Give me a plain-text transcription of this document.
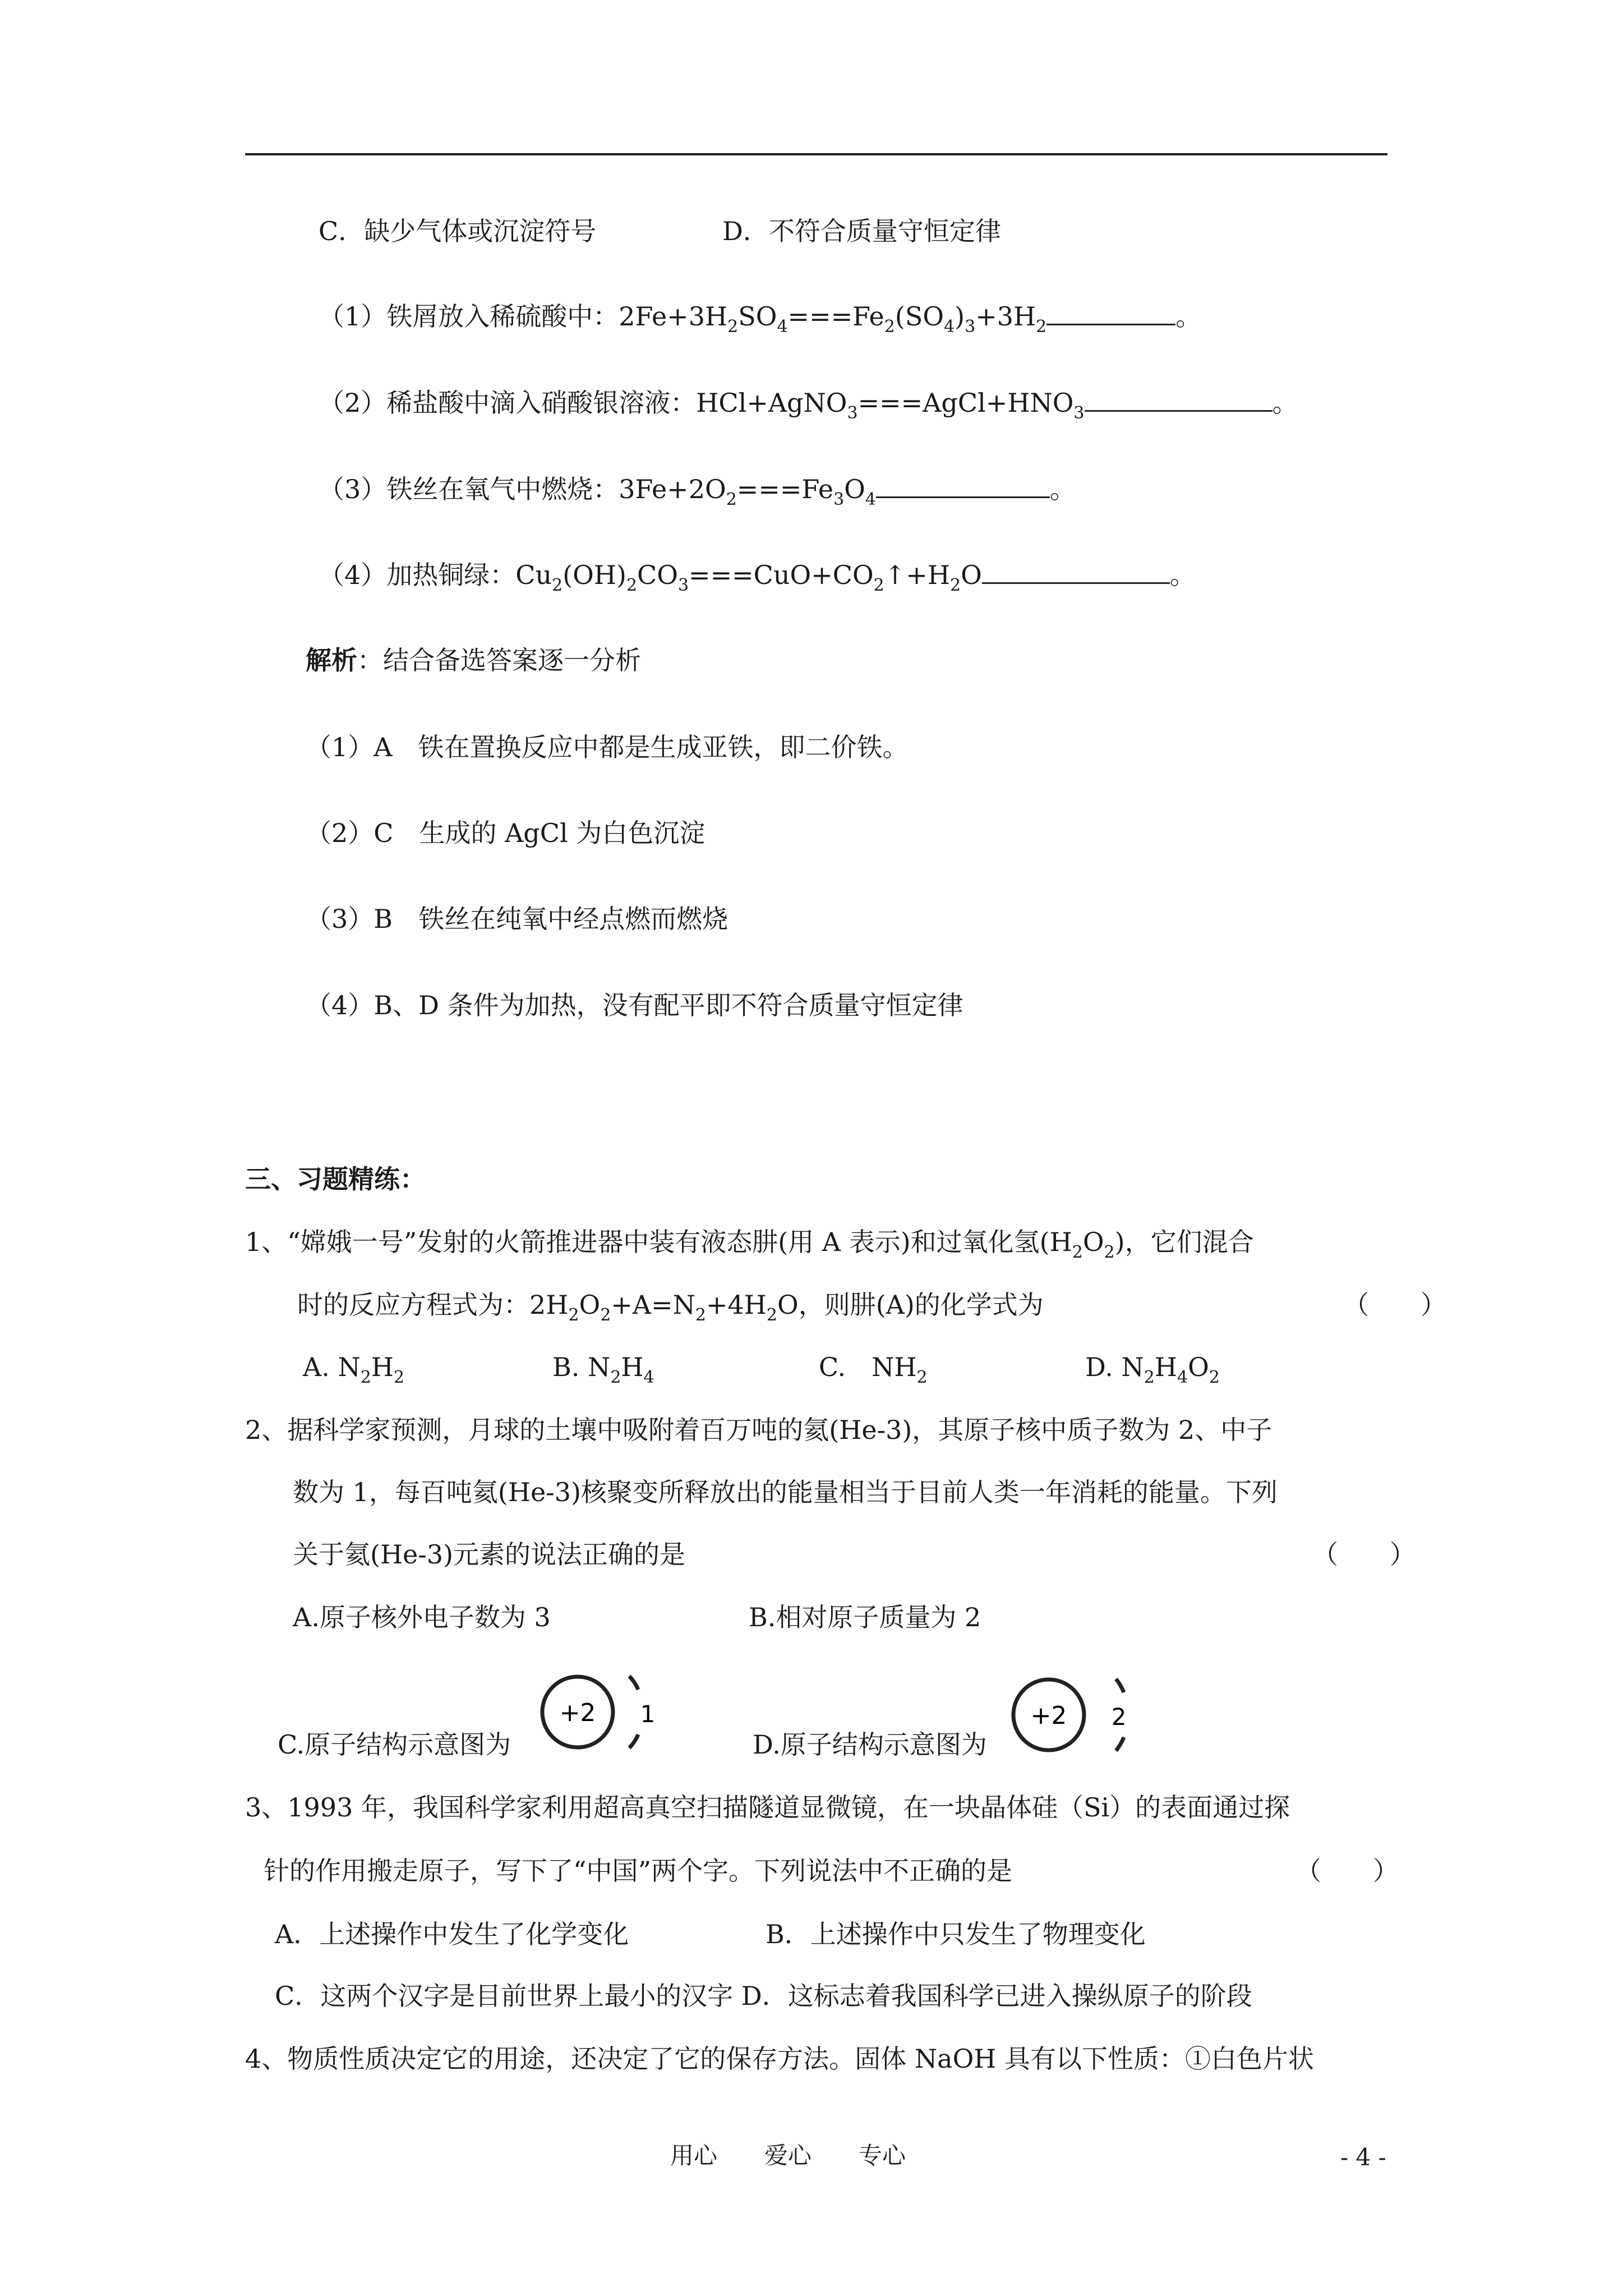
C．缺少气体或沉淀符号	D．不符合质量守恒定律
（1）铁屑放入稀硫酸中：$2Fe+3H_2SO_4===Fe_2(SO_4)_3+3H_2$	。
（2）稀盐酸中滴入硝酸银溶液：$HCl+AgNO_3===AgCl+HNO_3$	。
（3）铁丝在氧气中燃烧：$3Fe+2O_2===Fe_3O_4$	。
（4）加热铜绿：$Cu_2(OH)_2CO_3===CuO+CO_2↑+H_2O$	。
解析：结合备选答案逐一分析
（1）A　铁在置换反应中都是生成亚铁，即二价铁。
（2）C　生成的 AgCl 为白色沉淀
（3）B　铁丝在纯氧中经点燃而燃烧
（4）B、D 条件为加热，没有配平即不符合质量守恒定律
三、习题精练：
1、“嫦娥一号”发射的火箭推进器中装有液态肼(用 A 表示)和过氧化氢$(H_2O_2)$，它们混合
时的反应方程式为：$2H_2O_2+A=N_2+4H_2O$，则肼(A)的化学式为	（　　）
A. $N_2H_2$	B. $N_2H_4$	C.　$NH_2$	D. $N_2H_4O_2$
2、据科学家预测，月球的土壤中吸附着百万吨的氦(He-3)，其原子核中质子数为 2、中子
数为 1，每百吨氦(He-3)核聚变所释放出的能量相当于目前人类一年消耗的能量。下列
关于氦(He-3)元素的说法正确的是	（　　）
A.原子核外电子数为 3	B.相对原子质量为 2
C.原子结构示意图为
+2 1
D.原子结构示意图为
+2 2
3、1993 年，我国科学家利用超高真空扫描隧道显微镜，在一块晶体硅（Si）的表面通过探
针的作用搬走原子，写下了“中国”两个字。下列说法中不正确的是	（　　）
A．上述操作中发生了化学变化	B．上述操作中只发生了物理变化
C．这两个汉字是目前世界上最小的汉字 D．这标志着我国科学已进入操纵原子的阶段
4、物质性质决定它的用途，还决定了它的保存方法。固体 NaOH 具有以下性质：①白色片状
用心　　爱心　　专心	- 4 -
